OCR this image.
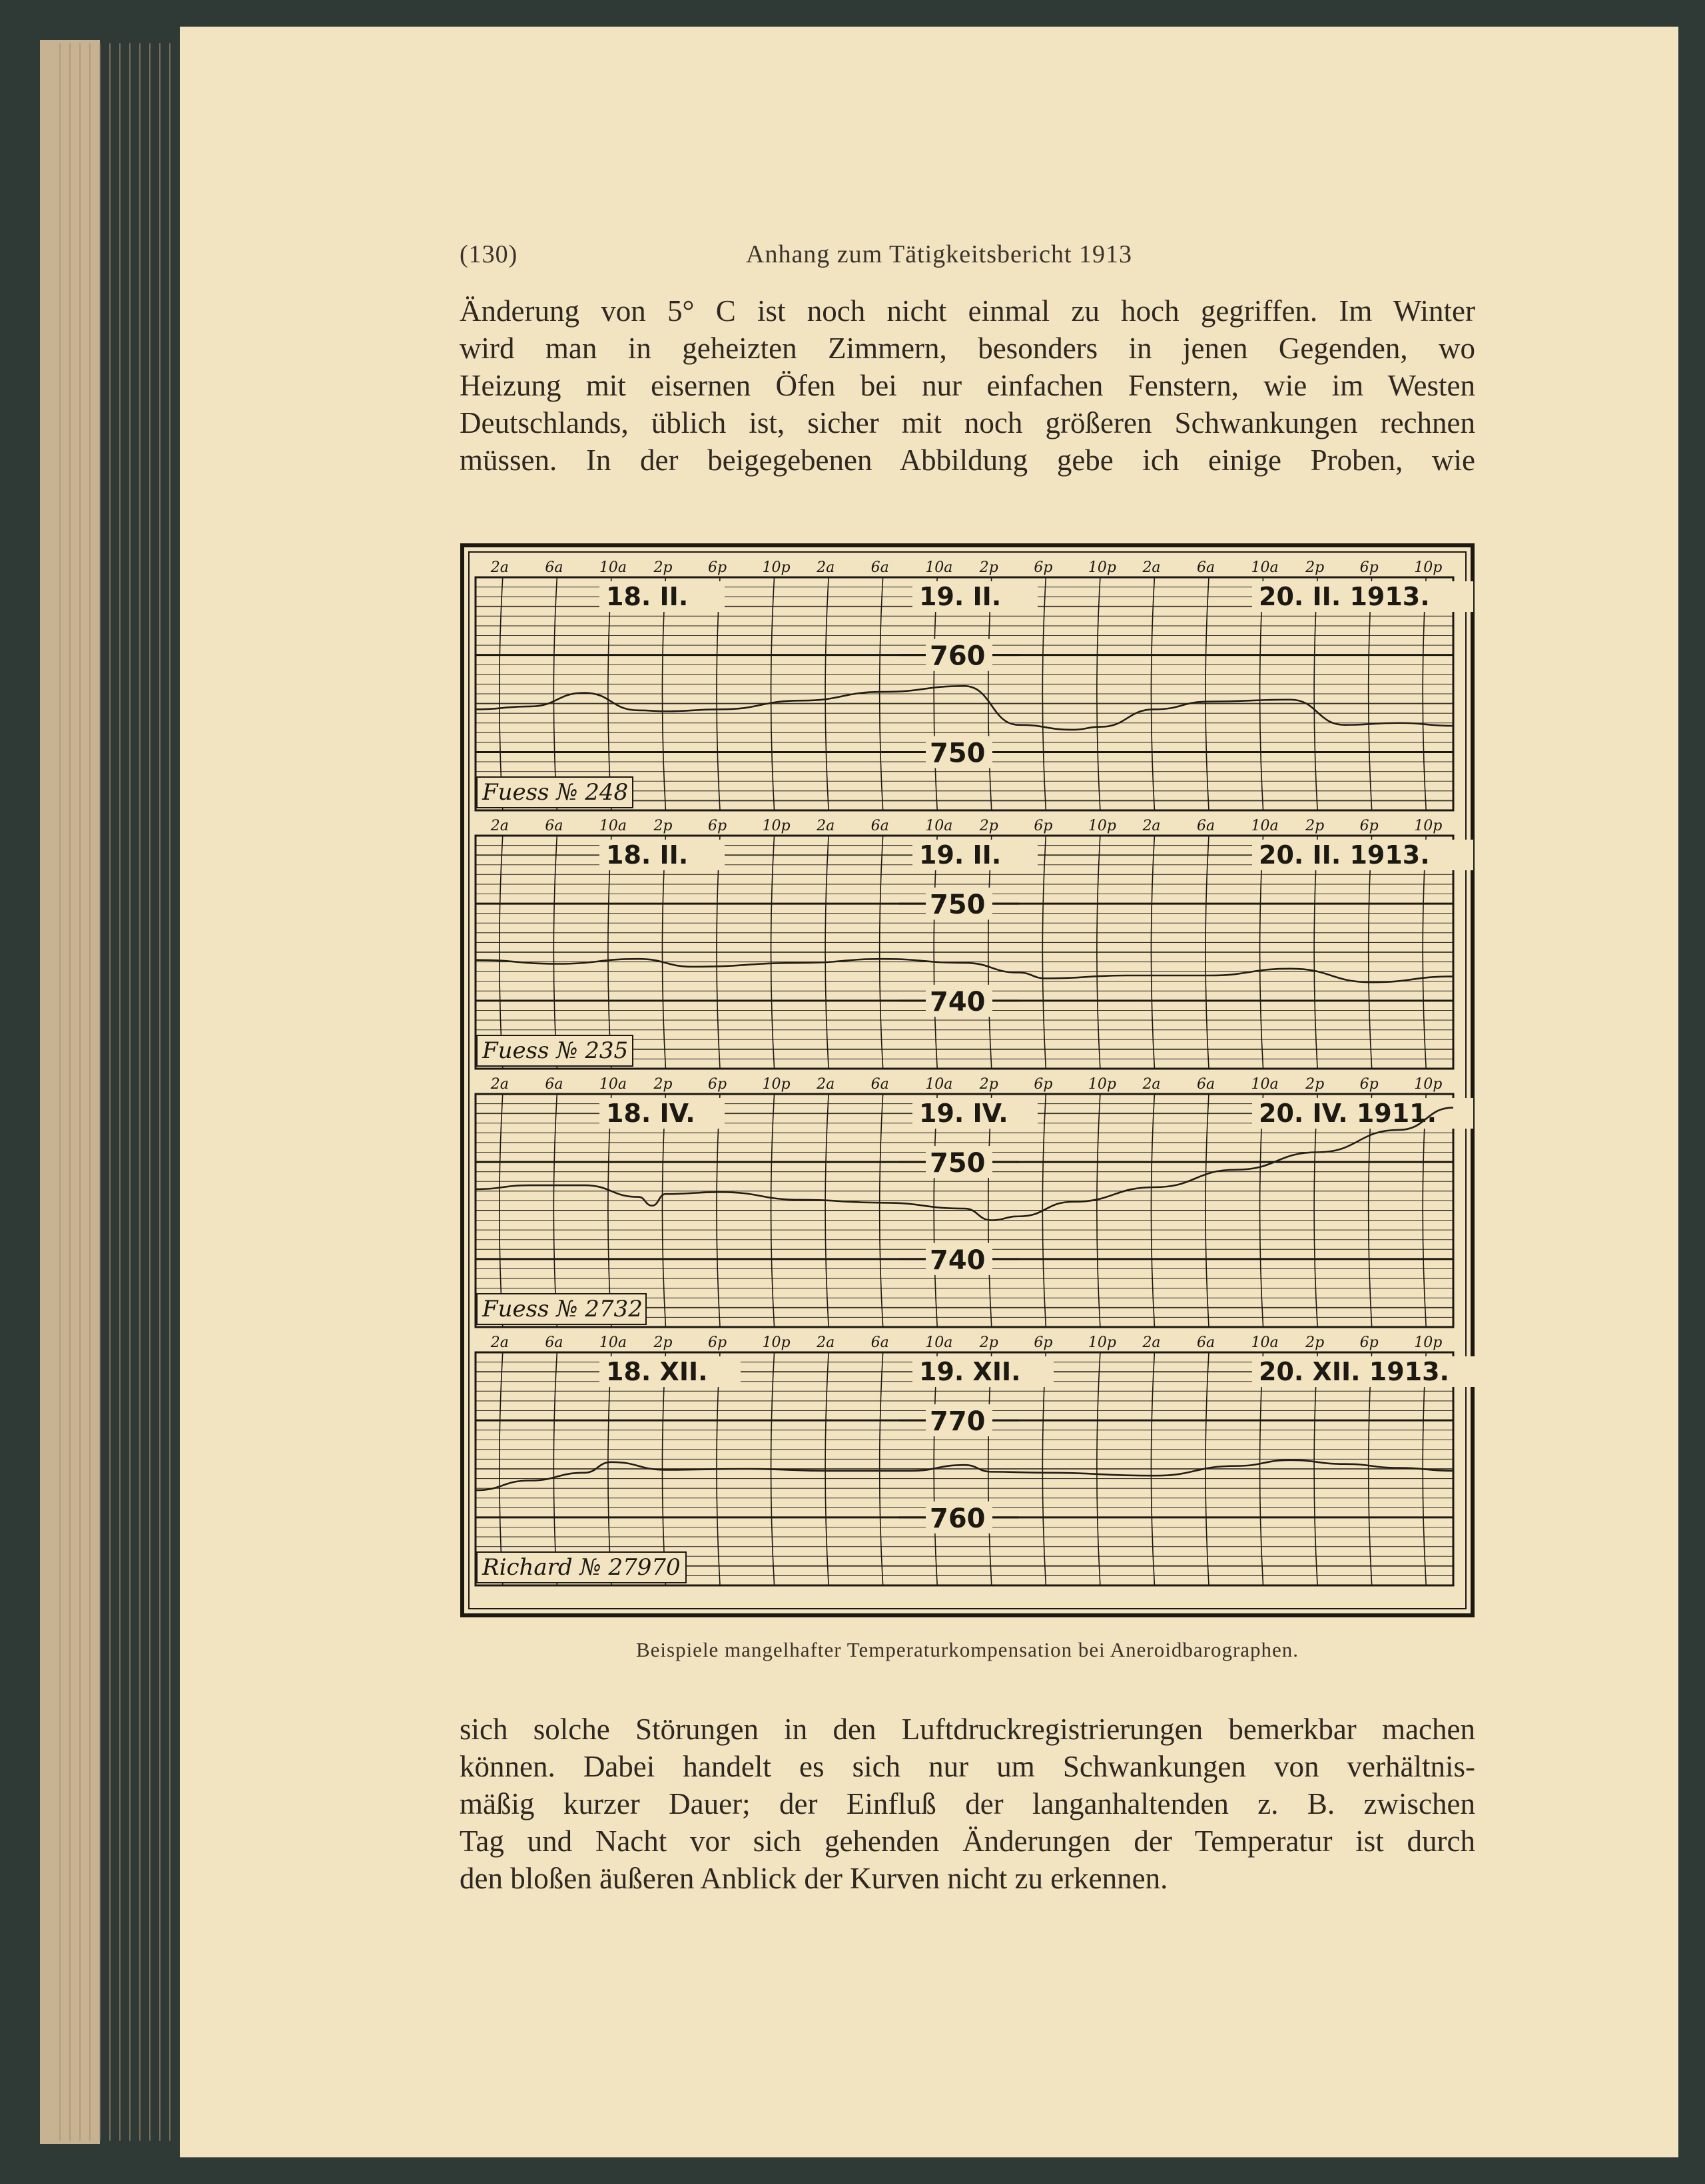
(130)	Anhang zum Tätigkeitsbericht 1913
Änderung von 5° C ist noch nicht einmal zu hoch gegriffen. Im Winter
wird man in geheizten Zimmern, besonders in jenen Gegenden, wo
Heizung mit eisernen Öfen bei nur einfachen Fenstern, wie im Westen
Deutschlands, üblich ist, sicher mit noch größeren Schwankungen rechnen
müssen. In der beigegebenen Abbildung gebe ich einige Proben, wie
2a 6a 10a 2p 6p 10p 2a 6a 10a 2p 6p 10p 2a 6a 10a 2p 6p 10p
18. II.	19. II.	20. II. 1913.
760
750
Fuess № 248
2a 6a 10a 2p 6p 10p 2a 6a 10a 2p 6p 10p 2a 6a 10a 2p 6p 10p
18. II.	19. II.	20. II. 1913.
750
740
Fuess № 235
2a 6a 10a 2p 6p 10p 2a 6a 10a 2p 6p 10p 2a 6a 10a 2p 6p 10p
18. IV.	19. IV.	20. IV. 1911.
750
740
Fuess № 2732
2a 6a 10a 2p 6p 10p 2a 6a 10a 2p 6p 10p 2a 6a 10a 2p 6p 10p
18. XII.	19. XII.	20. XII. 1913.
770
760
Richard № 27970
Beispiele mangelhafter Temperaturkompensation bei Aneroidbarographen.
sich solche Störungen in den Luftdruckregistrierungen bemerkbar machen
können. Dabei handelt es sich nur um Schwankungen von verhältnis-
mäßig kurzer Dauer; der Einfluß der langanhaltenden z. B. zwischen
Tag und Nacht vor sich gehenden Änderungen der Temperatur ist durch
den bloßen äußeren Anblick der Kurven nicht zu erkennen.
